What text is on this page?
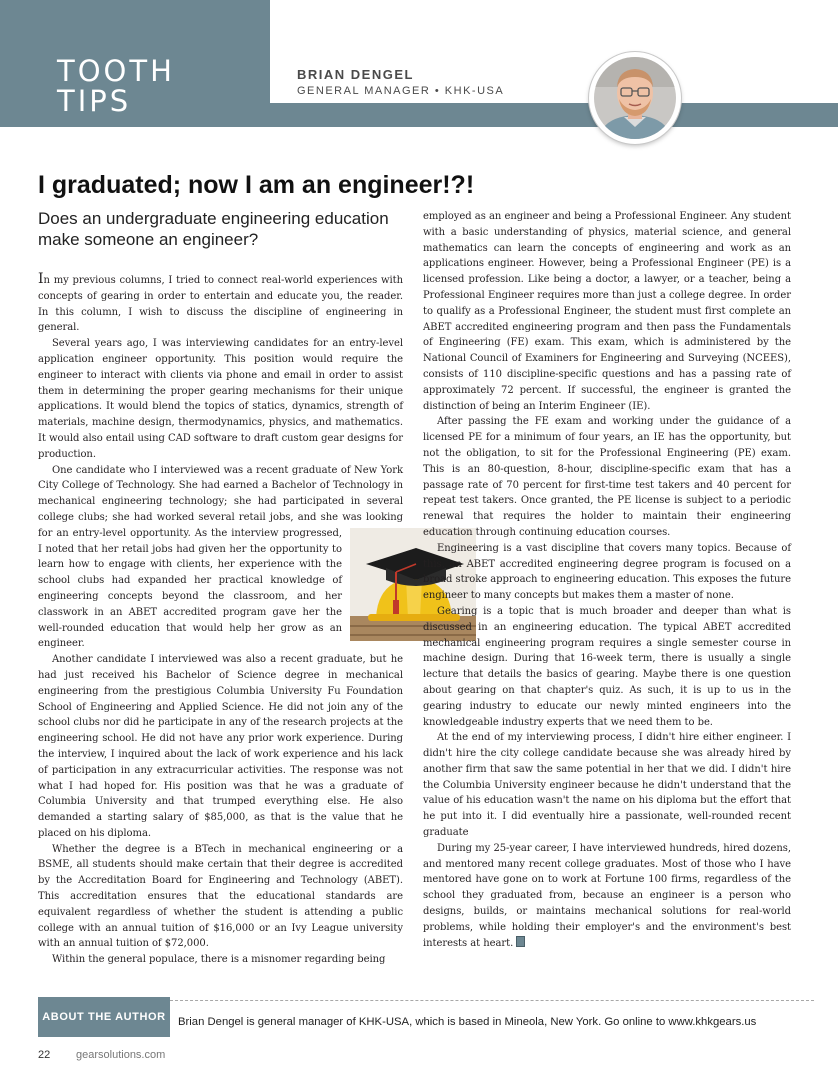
TOOTH
TIPS
BRIAN DENGEL
GENERAL MANAGER • KHK-USA
I graduated; now I am an engineer!?!
Does an undergraduate engineering education make someone an engineer?

In my previous columns, I tried to connect real-world experiences with concepts of gearing in order to entertain and educate you, the reader. In this column, I wish to discuss the discipline of engineering in general.

Several years ago, I was interviewing candidates for an entry-level application engineer opportunity. This position would require the engineer to interact with clients via phone and email in order to assist them in determining the proper gearing mechanisms for their unique applications. It would blend the topics of statics, dynamics, strength of materials, machine design, thermodynamics, physics, and mathematics. It would also entail using CAD software to draft custom gear designs for production.

One candidate who I interviewed was a recent graduate of New York City College of Technology. She had earned a Bachelor of Technology in mechanical engineering technology; she had participated in several college clubs; she had worked several retail jobs, and she was looking for an entry-level opportunity. As the interview progressed, I noted that her retail jobs had given her the opportunity to learn how to engage with clients, her experience with the school clubs had expanded her practical knowledge of engineering concepts beyond the classroom, and her classwork in an ABET accredited program gave her the well-rounded education that would help her grow as an engineer.

Another candidate I interviewed was also a recent graduate, but he had just received his Bachelor of Science degree in mechanical engineering from the prestigious Columbia University Fu Foundation School of Engineering and Applied Science. He did not join any of the school clubs nor did he participate in any of the research projects at the engineering school. He did not have any prior work experience. During the interview, I inquired about the lack of work experience and his lack of participation in any extracurricular activities. The response was not what I had hoped for. His position was that he was a graduate of Columbia University and that trumped everything else. He also demanded a starting salary of $85,000, as that is the value that he placed on his diploma.

Whether the degree is a BTech in mechanical engineering or a BSME, all students should make certain that their degree is accredited by the Accreditation Board for Engineering and Technology (ABET). This accreditation ensures that the educational standards are equivalent regardless of whether the student is attending a public college with an annual tuition of $16,000 or an Ivy League university with an annual tuition of $72,000.

Within the general populace, there is a misnomer regarding being

employed as an engineer and being a Professional Engineer. Any student with a basic understanding of physics, material science, and general mathematics can learn the concepts of engineering and work as an applications engineer. However, being a Professional Engineer (PE) is a licensed profession. Like being a doctor, a lawyer, or a teacher, being a Professional Engineer requires more than just a college degree. In order to qualify as a Professional Engineer, the student must first complete an ABET accredited engineering program and then pass the Fundamentals of Engineering (FE) exam. This exam, which is administered by the National Council of Examiners for Engineering and Surveying (NCEES), consists of 110 discipline-specific questions and has a passing rate of approximately 72 percent. If successful, the engineer is granted the distinction of being an Interim Engineer (IE).

After passing the FE exam and working under the guidance of a licensed PE for a minimum of four years, an IE has the opportunity, but not the obligation, to sit for the Professional Engineering (PE) exam. This is an 80-question, 8-hour, discipline-specific exam that has a passage rate of 70 percent for first-time test takers and 40 percent for repeat test takers. Once granted, the PE license is subject to a periodic renewal that requires the holder to maintain their engineering education through continuing education courses.

Engineering is a vast discipline that covers many topics. Because of this, an ABET accredited engineering degree program is focused on a broad stroke approach to engineering education. This exposes the future engineer to many concepts but makes them a master of none.

Gearing is a topic that is much broader and deeper than what is discussed in an engineering education. The typical ABET accredited mechanical engineering program requires a single semester course in machine design. During that 16-week term, there is usually a single lecture that details the basics of gearing. Maybe there is one question about gearing on that chapter's quiz. As such, it is up to us in the gearing industry to educate our newly minted engineers into the knowledgeable industry experts that we need them to be.

At the end of my interviewing process, I didn't hire either engineer. I didn't hire the city college candidate because she was already hired by another firm that saw the same potential in her that we did. I didn't hire the Columbia University engineer because he didn't understand that the value of his education wasn't the name on his diploma but the effort that he put into it. I did eventually hire a passionate, well-rounded recent graduate

During my 25-year career, I have interviewed hundreds, hired dozens, and mentored many recent college graduates. Most of those who I have mentored have gone on to work at Fortune 100 firms, regardless of the school they graduated from, because an engineer is a person who designs, builds, or maintains mechanical solutions for real-world problems, while holding their employer's and the environment's best interests at heart.

ABOUT THE AUTHOR	Brian Dengel is general manager of KHK-USA, which is based in Mineola, New York. Go online to www.khkgears.us
22 gearsolutions.com
